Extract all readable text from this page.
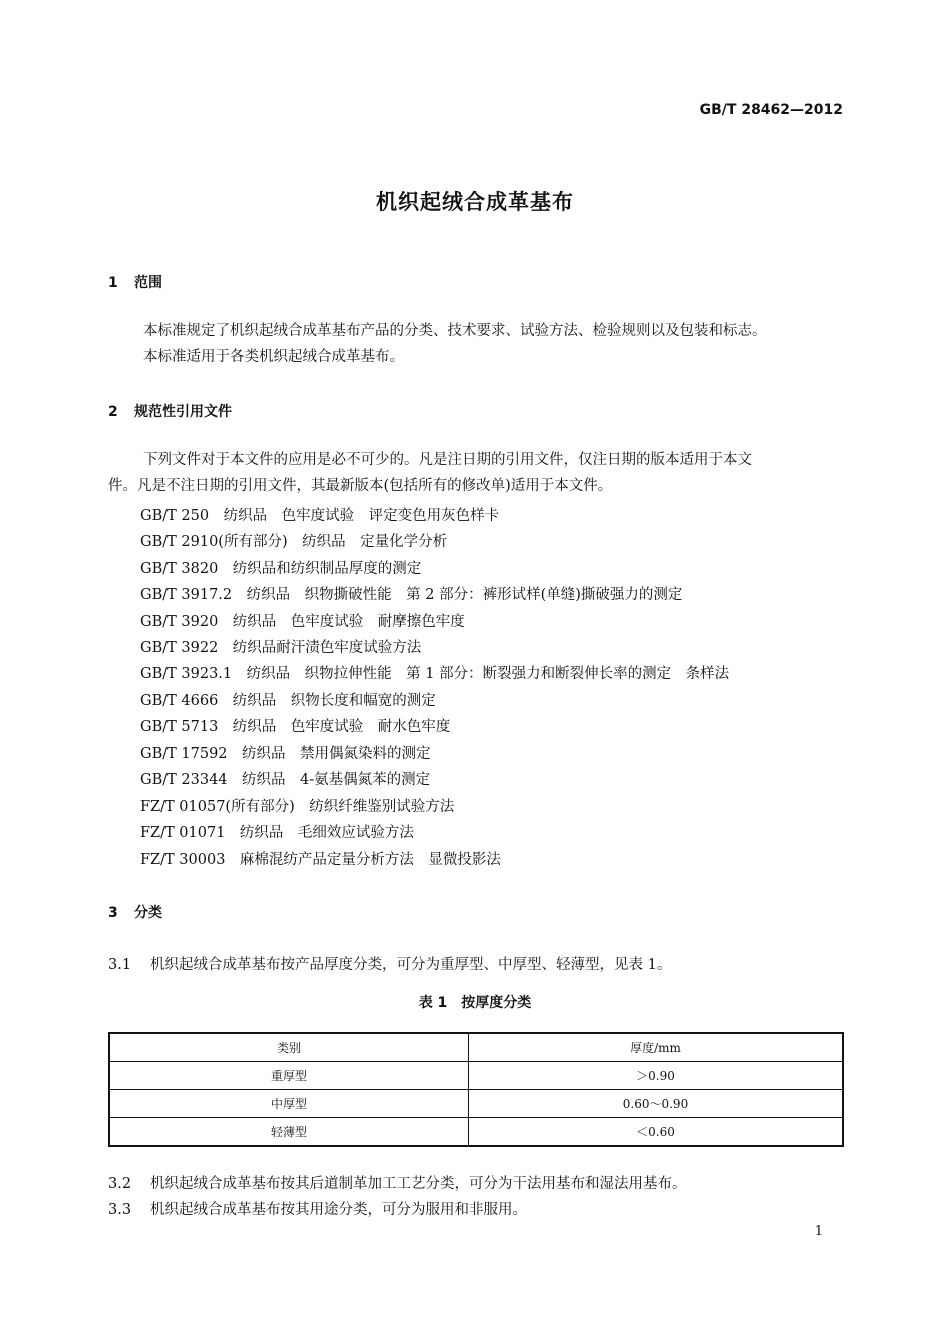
GB/T 28462—2012
机织起绒合成革基布
1 范围
本标准规定了机织起绒合成革基布产品的分类、技术要求、试验方法、检验规则以及包装和标志。
本标准适用于各类机织起绒合成革基布。
2 规范性引用文件
下列文件对于本文件的应用是必不可少的。凡是注日期的引用文件，仅注日期的版本适用于本文
件。凡是不注日期的引用文件，其最新版本(包括所有的修改单)适用于本文件。
GB/T 250　纺织品　色牢度试验　评定变色用灰色样卡
GB/T 2910(所有部分)　纺织品　定量化学分析
GB/T 3820　纺织品和纺织制品厚度的测定
GB/T 3917.2　纺织品　织物撕破性能　第 2 部分：裤形试样(单缝)撕破强力的测定
GB/T 3920　纺织品　色牢度试验　耐摩擦色牢度
GB/T 3922　纺织品耐汗渍色牢度试验方法
GB/T 3923.1　纺织品　织物拉伸性能　第 1 部分：断裂强力和断裂伸长率的测定　条样法
GB/T 4666　纺织品　织物长度和幅宽的测定
GB/T 5713　纺织品　色牢度试验　耐水色牢度
GB/T 17592　纺织品　禁用偶氮染料的测定
GB/T 23344　纺织品　4-氨基偶氮苯的测定
FZ/T 01057(所有部分)　纺织纤维鉴别试验方法
FZ/T 01071　纺织品　毛细效应试验方法
FZ/T 30003　麻棉混纺产品定量分析方法　显微投影法
3 分类
3.1 机织起绒合成革基布按产品厚度分类，可分为重厚型、中厚型、轻薄型，见表 1。
表 1　按厚度分类
类别	厚度/mm
重厚型	＞0.90
中厚型	0.60～0.90
轻薄型	＜0.60
3.2 机织起绒合成革基布按其后道制革加工工艺分类，可分为干法用基布和湿法用基布。
3.3 机织起绒合成革基布按其用途分类，可分为服用和非服用。
1
